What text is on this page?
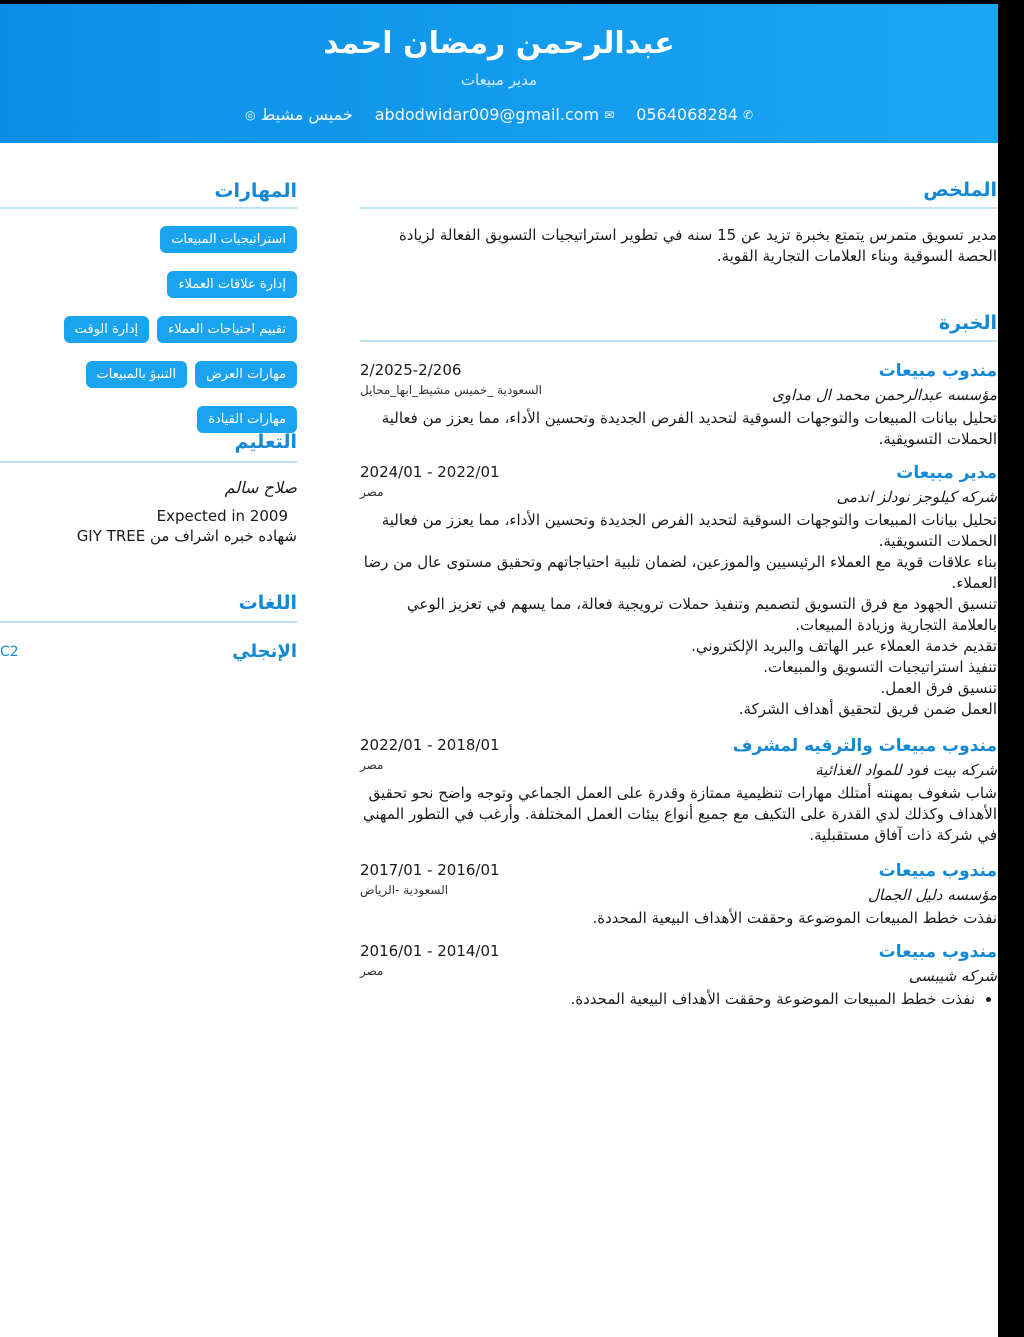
عبدالرحمن رمضان احمد
مدير مبيعات
◎ خميس مشيط abdodwidar009@gmail.com ✉ 0564068284 ✆
الملخص
مدير تسويق متمرس يتمتع بخبرة تزيد عن 15 سنه في تطوير استراتيجيات التسويق الفعالة لزيادة الحصة السوقية وبناء العلامات التجارية القوية.
الخبرة
مندوب مبيعات
2/2025-2/206
السعودية _خميس مشيط_ابها_محايل	مؤسسه عبدالرحمن محمد ال مداوى
تحليل بيانات المبيعات والتوجهات السوقية لتحديد الفرص الجديدة وتحسين الأداء، مما يعزز من فعالية الحملات التسويقية.
مدير مبيعات
2024/01 - 2022/01
مصر	شركه كيلوجز نودلز اندمى
تحليل بيانات المبيعات والتوجهات السوقية لتحديد الفرص الجديدة وتحسين الأداء، مما يعزز من فعالية الحملات التسويقية.
بناء علاقات قوية مع العملاء الرئيسيين والموزعين، لضمان تلبية احتياجاتهم وتحقيق مستوى عال من رضا العملاء.
تنسيق الجهود مع فرق التسويق لتصميم وتنفيذ حملات ترويجية فعالة، مما يسهم في تعزيز الوعي بالعلامة التجارية وزيادة المبيعات.
تقديم خدمة العملاء عبر الهاتف والبريد الإلكتروني.
تنفيذ استراتيجيات التسويق والمبيعات.
تنسيق فرق العمل.
العمل ضمن فريق لتحقيق أهداف الشركة.
مندوب مبيعات والترقيه لمشرف
2022/01 - 2018/01
مصر	شركه بيت فود للمواد الغذائية
شاب شغوف بمهنته أمتلك مهارات تنظيمية ممتازة وقدرة على العمل الجماعي وتوجه واضح نحو تحقيق الأهداف وكذلك لدي القدرة على التكيف مع جميع أنواع بيئات العمل المختلفة. وأرغب في التطور المهني في شركة ذات آفاق مستقبلية.
مندوب مبيعات
2017/01 - 2016/01
السعودية -الرياض	مؤسسه دليل الجمال
نفذت خطط المبيعات الموضوعة وحققت الأهداف البيعية المحددة.
مندوب مبيعات
2016/01 - 2014/01
مصر	شركه شيبسى
• نفذت خطط المبيعات الموضوعة وحققت الأهداف البيعية المحددة.
المهارات
استراتيجيات المبيعات
إدارة علاقات العملاء
تقييم احتياجات العملاء
إدارة الوقت
مهارات العرض
التنبؤ بالمبيعات
مهارات القيادة
التعليم
صلاح سالم
Expected in 2009
شهاده خبره اشراف من GIY TREE
اللغات
الإنجلي
C2
